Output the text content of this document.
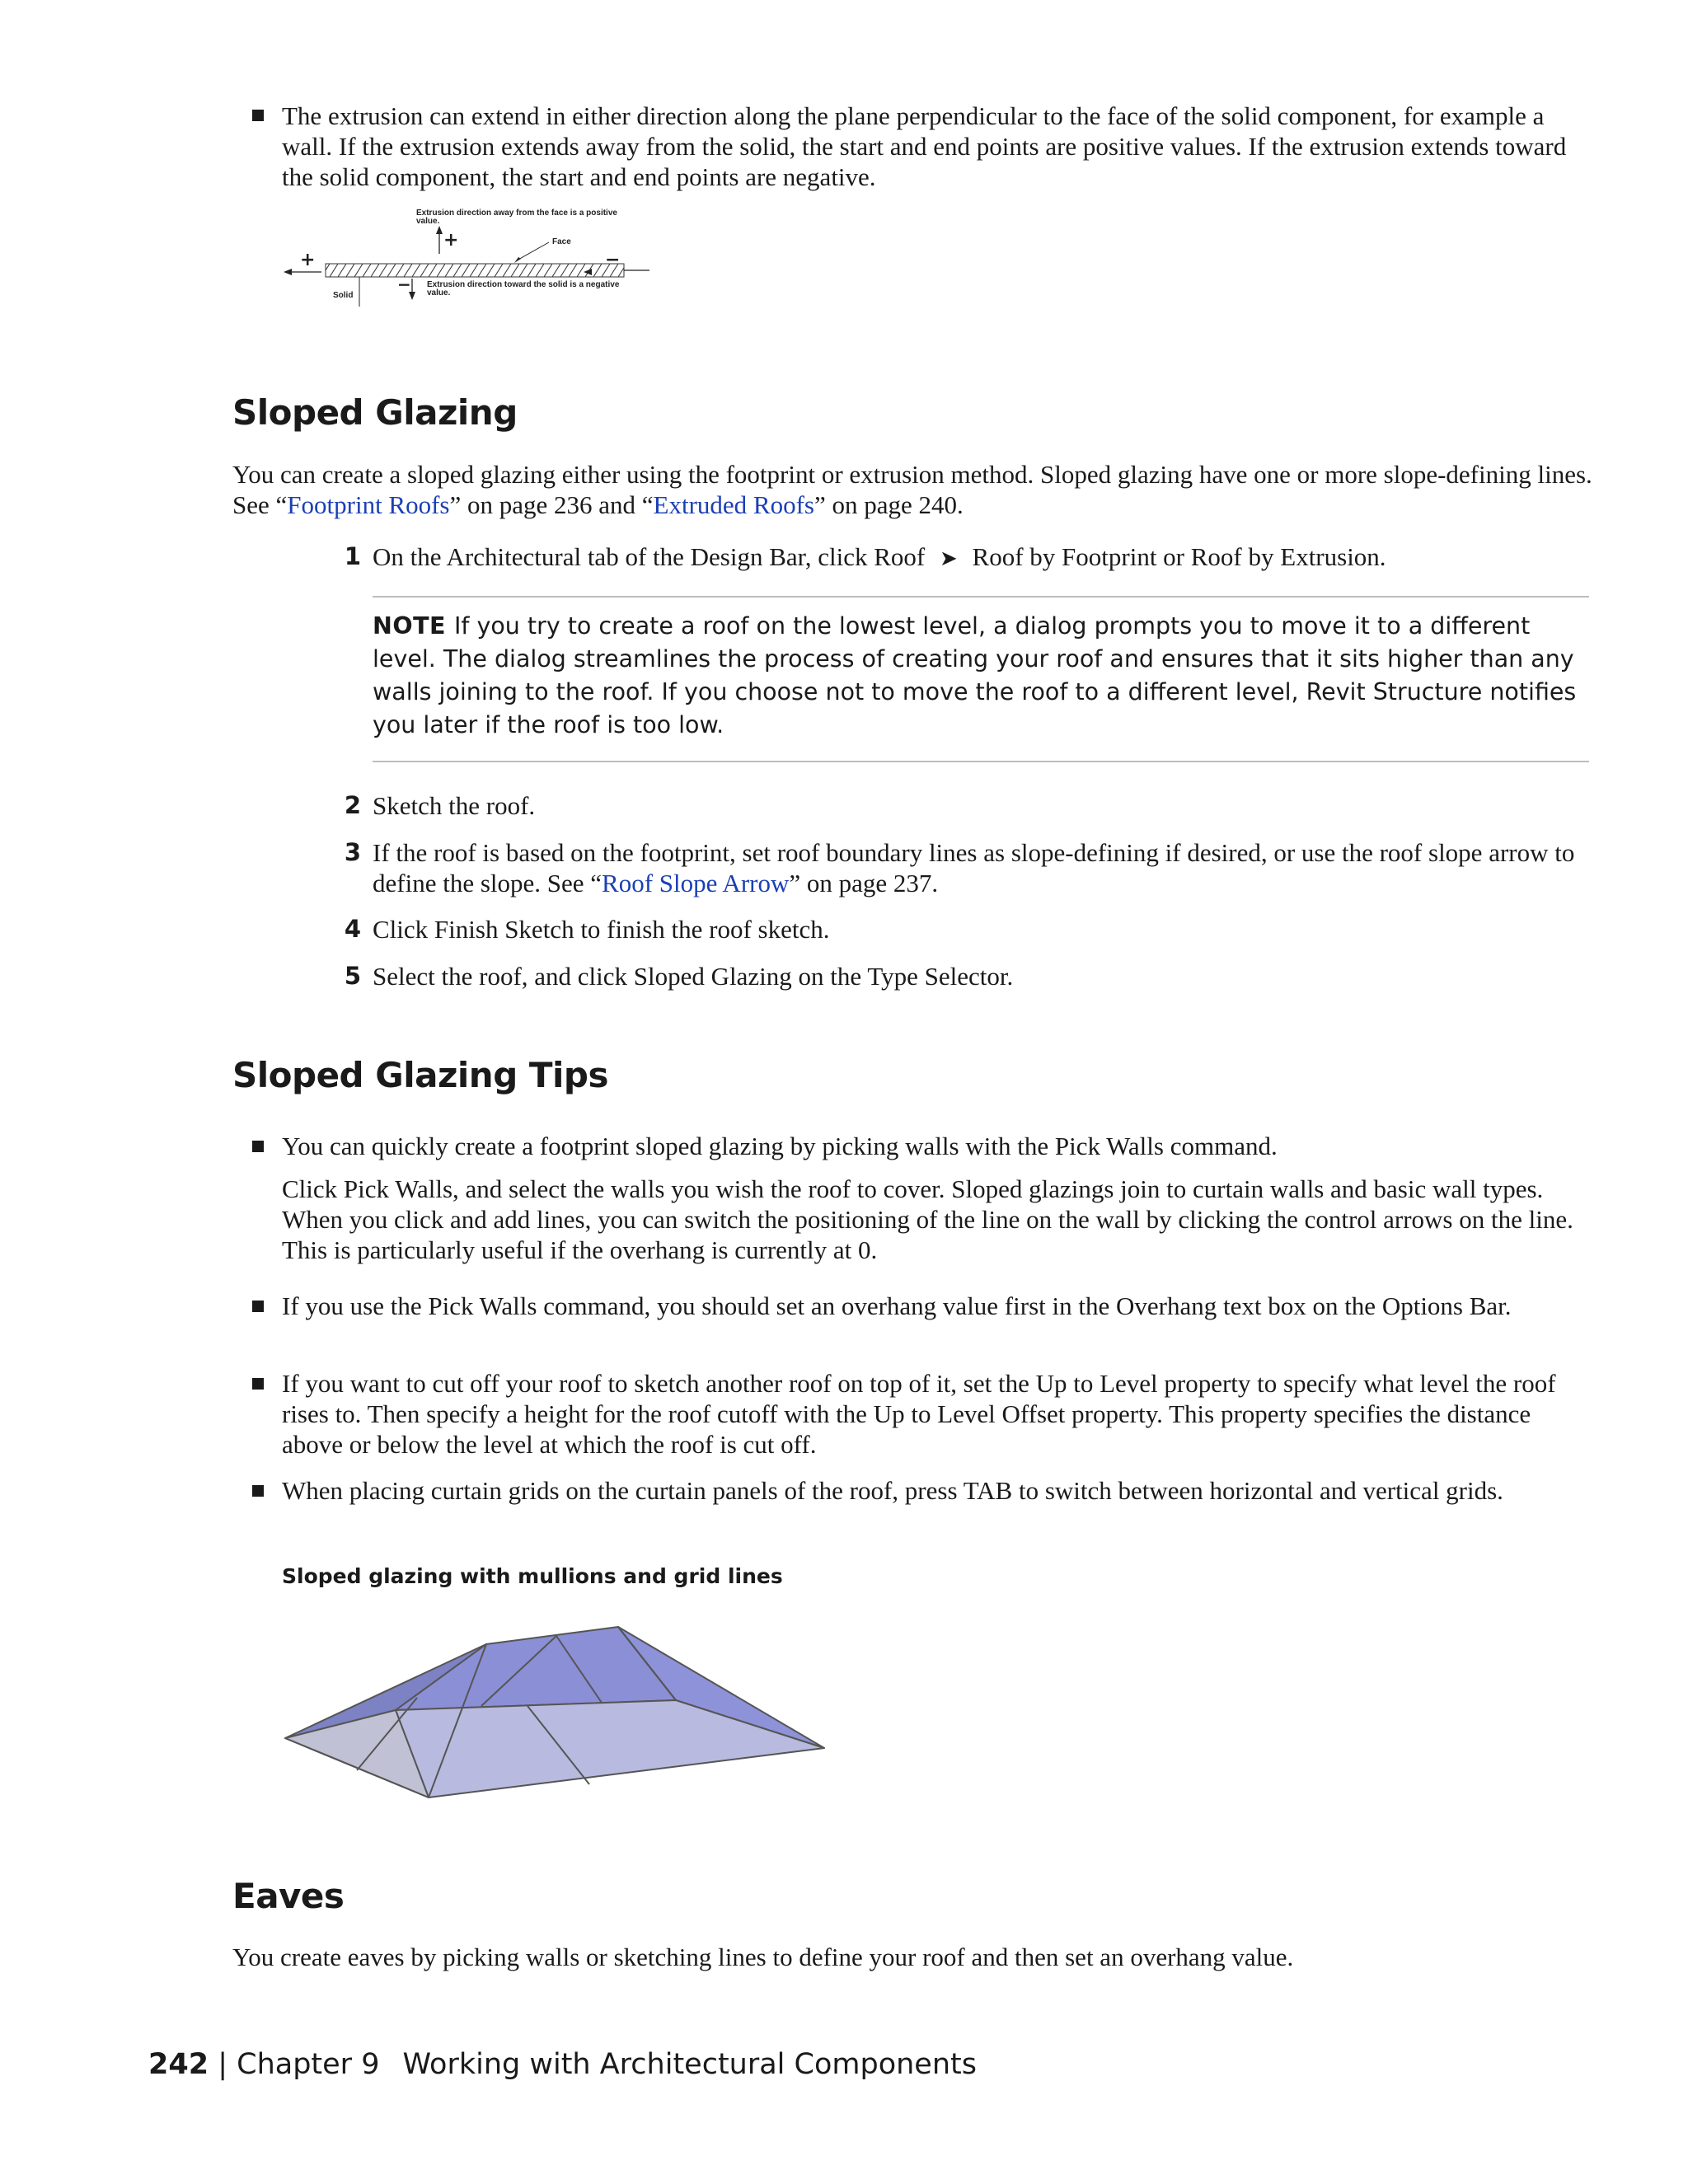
The extrusion can extend in either direction along the plane perpendicular to the face of the solid component, for example a wall. If the extrusion extends away from the solid, the start and end points are positive values. If the extrusion extends toward the solid component, the start and end points are negative.
Extrusion direction away from the face is a positive
value.
+	Face
+	−
− Extrusion direction toward the solid is a negative
value.
Solid
Sloped Glazing
You can create a sloped glazing either using the footprint or extrusion method. Sloped glazing have one or more slope-defining lines. See “Footprint Roofs” on page 236 and “Extruded Roofs” on page 240.
1 On the Architectural tab of the Design Bar, click Roof ➤ Roof by Footprint or Roof by Extrusion.
NOTE If you try to create a roof on the lowest level, a dialog prompts you to move it to a different level. The dialog streamlines the process of creating your roof and ensures that it sits higher than any walls joining to the roof. If you choose not to move the roof to a different level, Revit Structure notifies you later if the roof is too low.
2 Sketch the roof.
3 If the roof is based on the footprint, set roof boundary lines as slope-defining if desired, or use the roof slope arrow to define the slope. See “Roof Slope Arrow” on page 237.
4 Click Finish Sketch to finish the roof sketch.
5 Select the roof, and click Sloped Glazing on the Type Selector.
Sloped Glazing Tips
You can quickly create a footprint sloped glazing by picking walls with the Pick Walls command.
Click Pick Walls, and select the walls you wish the roof to cover. Sloped glazings join to curtain walls and basic wall types. When you click and add lines, you can switch the positioning of the line on the wall by clicking the control arrows on the line. This is particularly useful if the overhang is currently at 0.
If you use the Pick Walls command, you should set an overhang value first in the Overhang text box on the Options Bar.
If you want to cut off your roof to sketch another roof on top of it, set the Up to Level property to specify what level the roof rises to. Then specify a height for the roof cutoff with the Up to Level Offset property. This property specifies the distance above or below the level at which the roof is cut off.
When placing curtain grids on the curtain panels of the roof, press TAB to switch between horizontal and vertical grids.
Sloped glazing with mullions and grid lines
Eaves
You create eaves by picking walls or sketching lines to define your roof and then set an overhang value.
242 | Chapter 9 Working with Architectural Components
